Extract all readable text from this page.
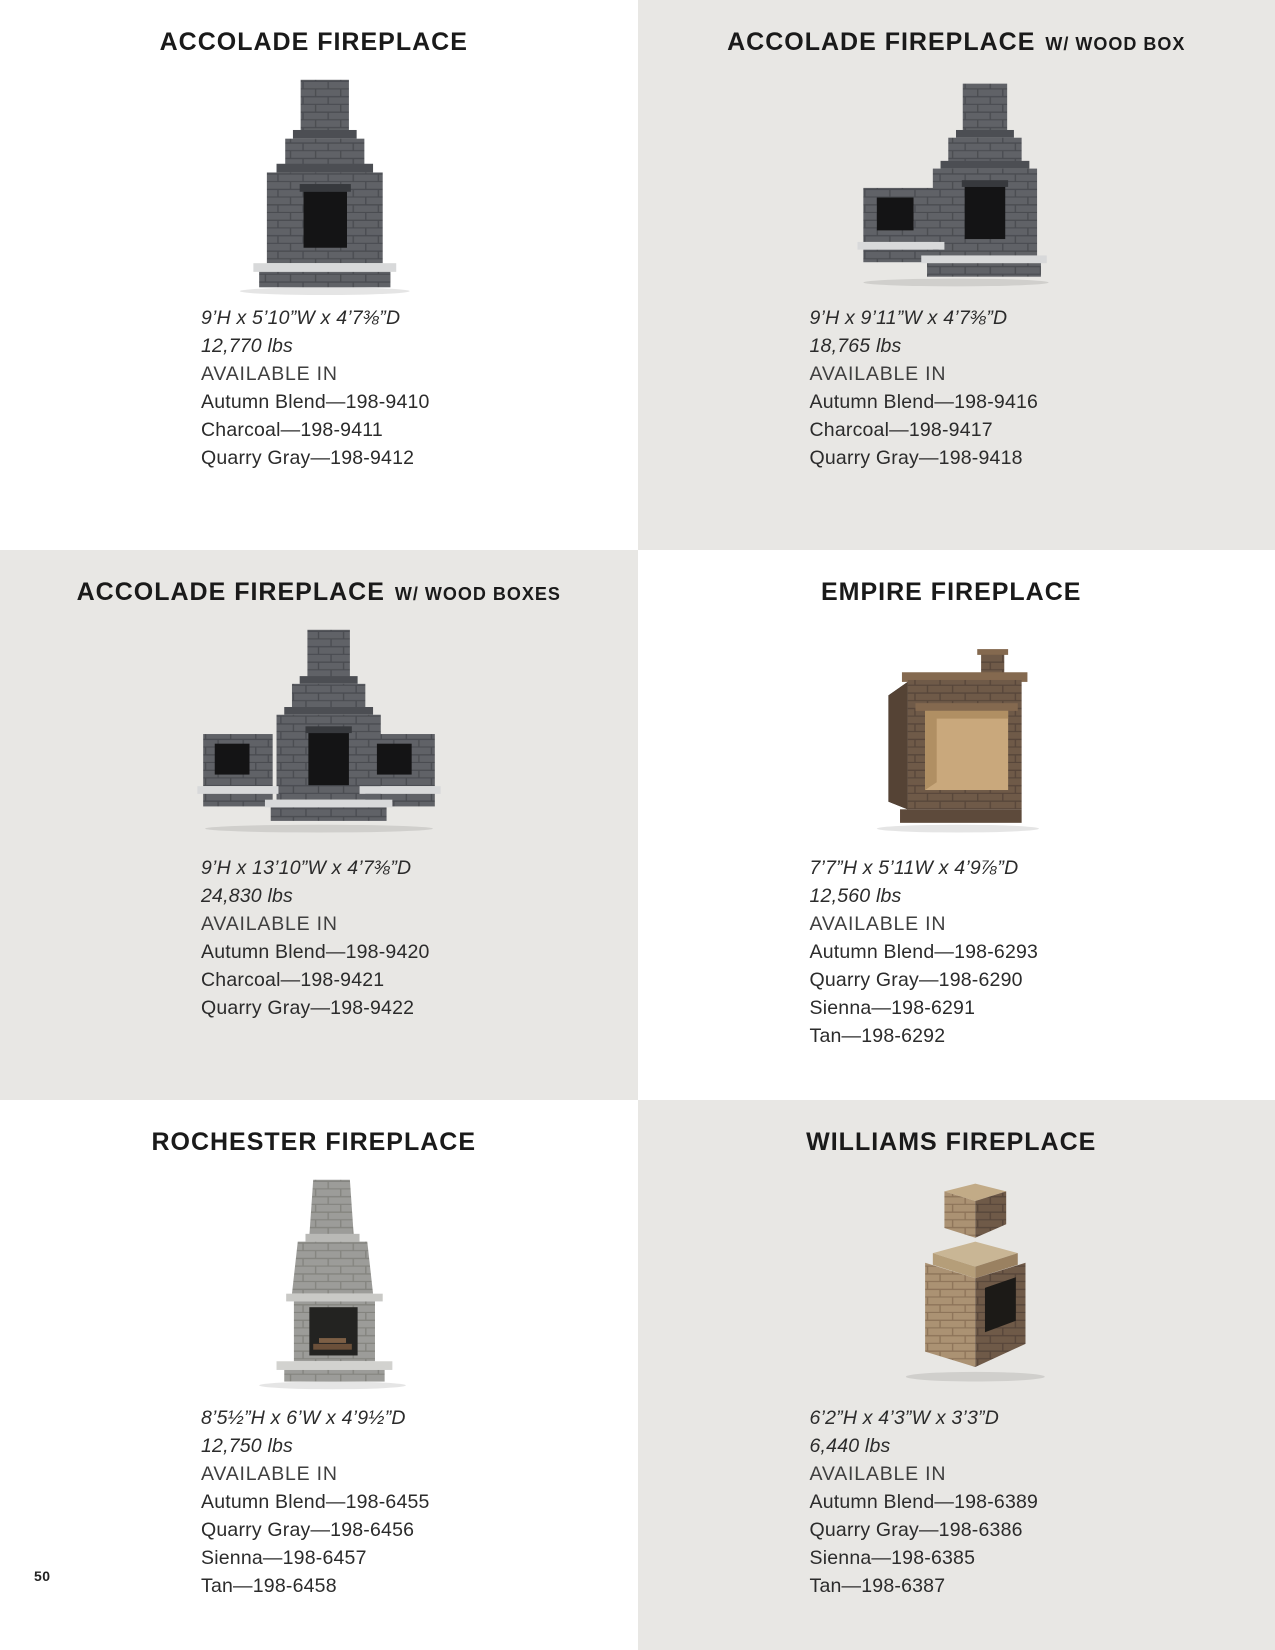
ACCOLADE FIREPLACE
9’H x 5’10”W x 4’7⅜”D
12,770 lbs
AVAILABLE IN
Autumn Blend—198-9410
Charcoal—198-9411
Quarry Gray—198-9412
ACCOLADE FIREPLACE W/ WOOD BOX
9’H x 9’11”W x 4’7⅜”D
18,765 lbs
AVAILABLE IN
Autumn Blend—198-9416
Charcoal—198-9417
Quarry Gray—198-9418
ACCOLADE FIREPLACE W/ WOOD BOXES
9’H x 13’10”W x 4’7⅜”D
24,830 lbs
AVAILABLE IN
Autumn Blend—198-9420
Charcoal—198-9421
Quarry Gray—198-9422
EMPIRE FIREPLACE
7’7”H x 5’11W x 4’9⅞”D
12,560 lbs
AVAILABLE IN
Autumn Blend—198-6293
Quarry Gray—198-6290
Sienna—198-6291
Tan—198-6292
ROCHESTER FIREPLACE
8’5½”H x 6’W x 4’9½”D
12,750 lbs
AVAILABLE IN
Autumn Blend—198-6455
Quarry Gray—198-6456
Sienna—198-6457
Tan—198-6458
WILLIAMS FIREPLACE
6’2”H x 4’3”W x 3’3”D
6,440 lbs
AVAILABLE IN
Autumn Blend—198-6389
Quarry Gray—198-6386
Sienna—198-6385
Tan—198-6387
50
